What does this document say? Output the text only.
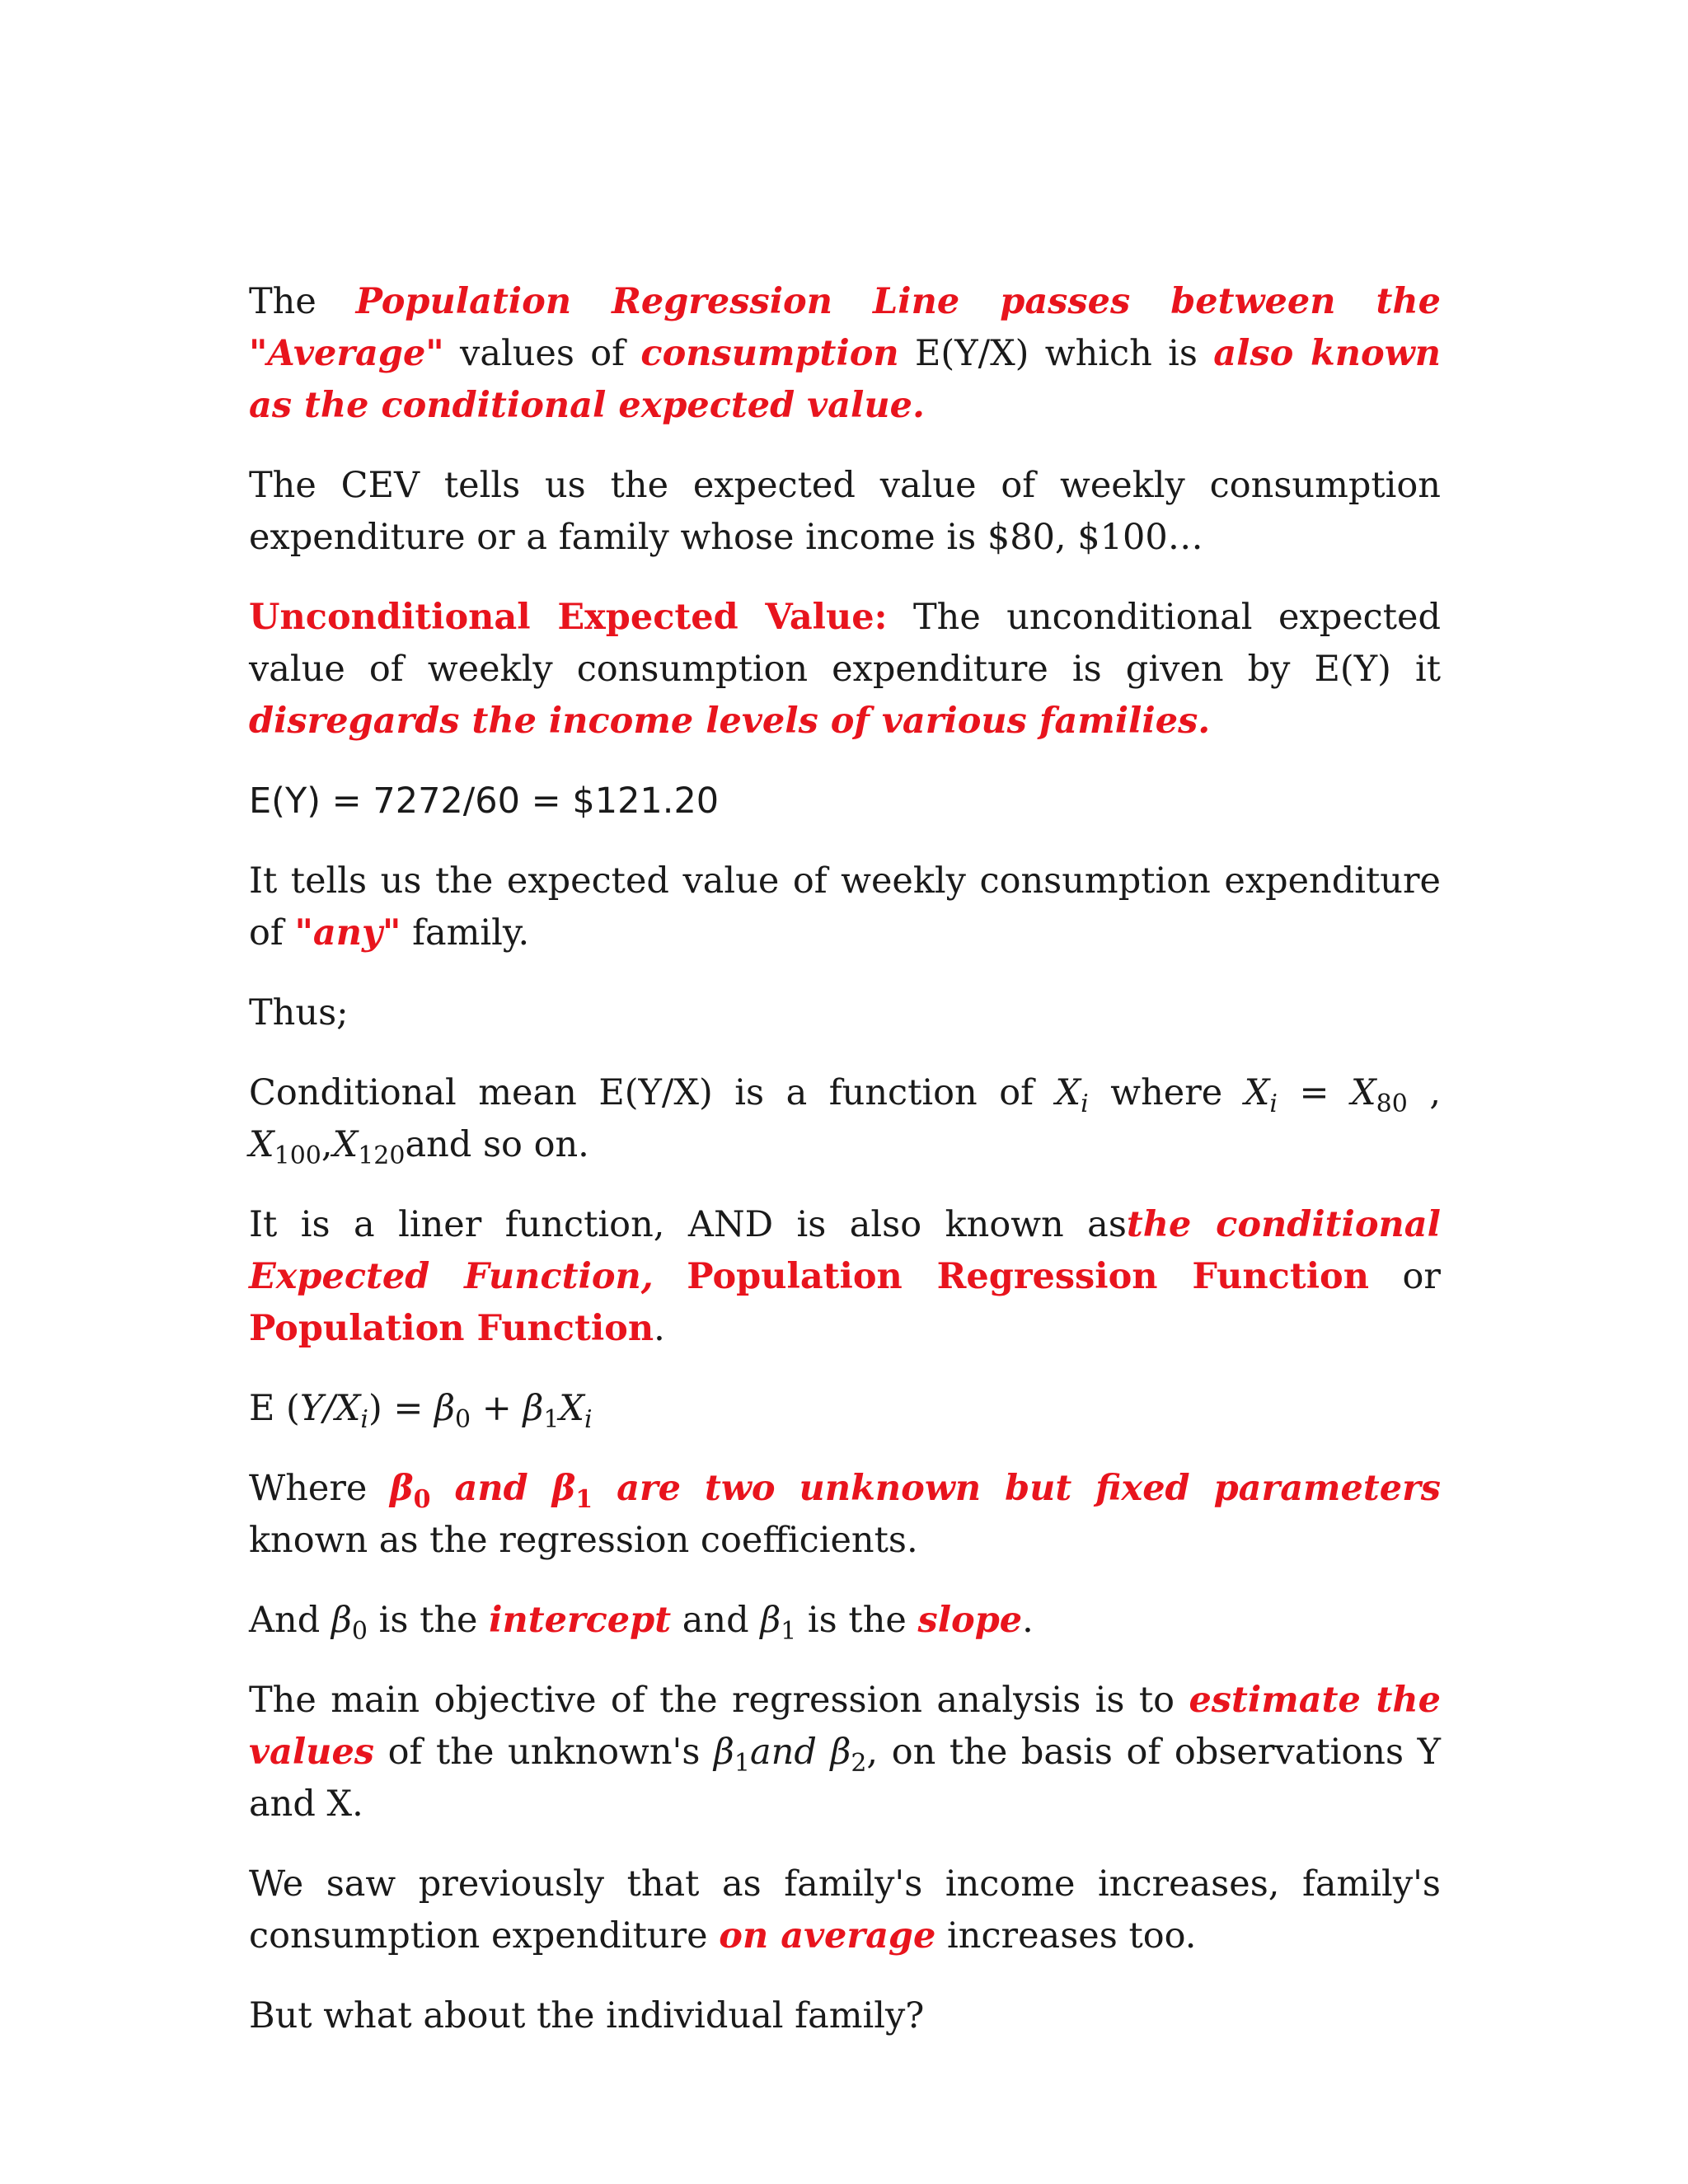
The Population Regression Line passes between the "Average" values of consumption E(Y/X) which is also known as the conditional expected value.

The CEV tells us the expected value of weekly consumption expenditure or a family whose income is $80, $100…

Unconditional Expected Value: The unconditional expected value of weekly consumption expenditure is given by E(Y) it disregards the income levels of various families.

E(Y) = 7272/60 = $121.20

It tells us the expected value of weekly consumption expenditure of "any" family.

Thus;

Conditional mean E(Y/X) is a function of $X_i$ where $X_i = X_{80}$ , $X_{100},X_{120}and$ so on.

It is a liner function, AND is also known asthe conditional Expected Function, Population Regression Function or Population Function.

E $(Y/X_i) = \beta_0 + \beta_1X_i$

Where $\beta_0$ and $\beta_1$ are two unknown but fixed parameters known as the regression coefficients.

And $\beta_0$ is the intercept and $\beta_1$ is the slope.

The main objective of the regression analysis is to estimate the values of the unknown's $\beta_1and$ $\beta_2$, on the basis of observations Y and X.

We saw previously that as family's income increases, family's consumption expenditure on average increases too.

But what about the individual family?
